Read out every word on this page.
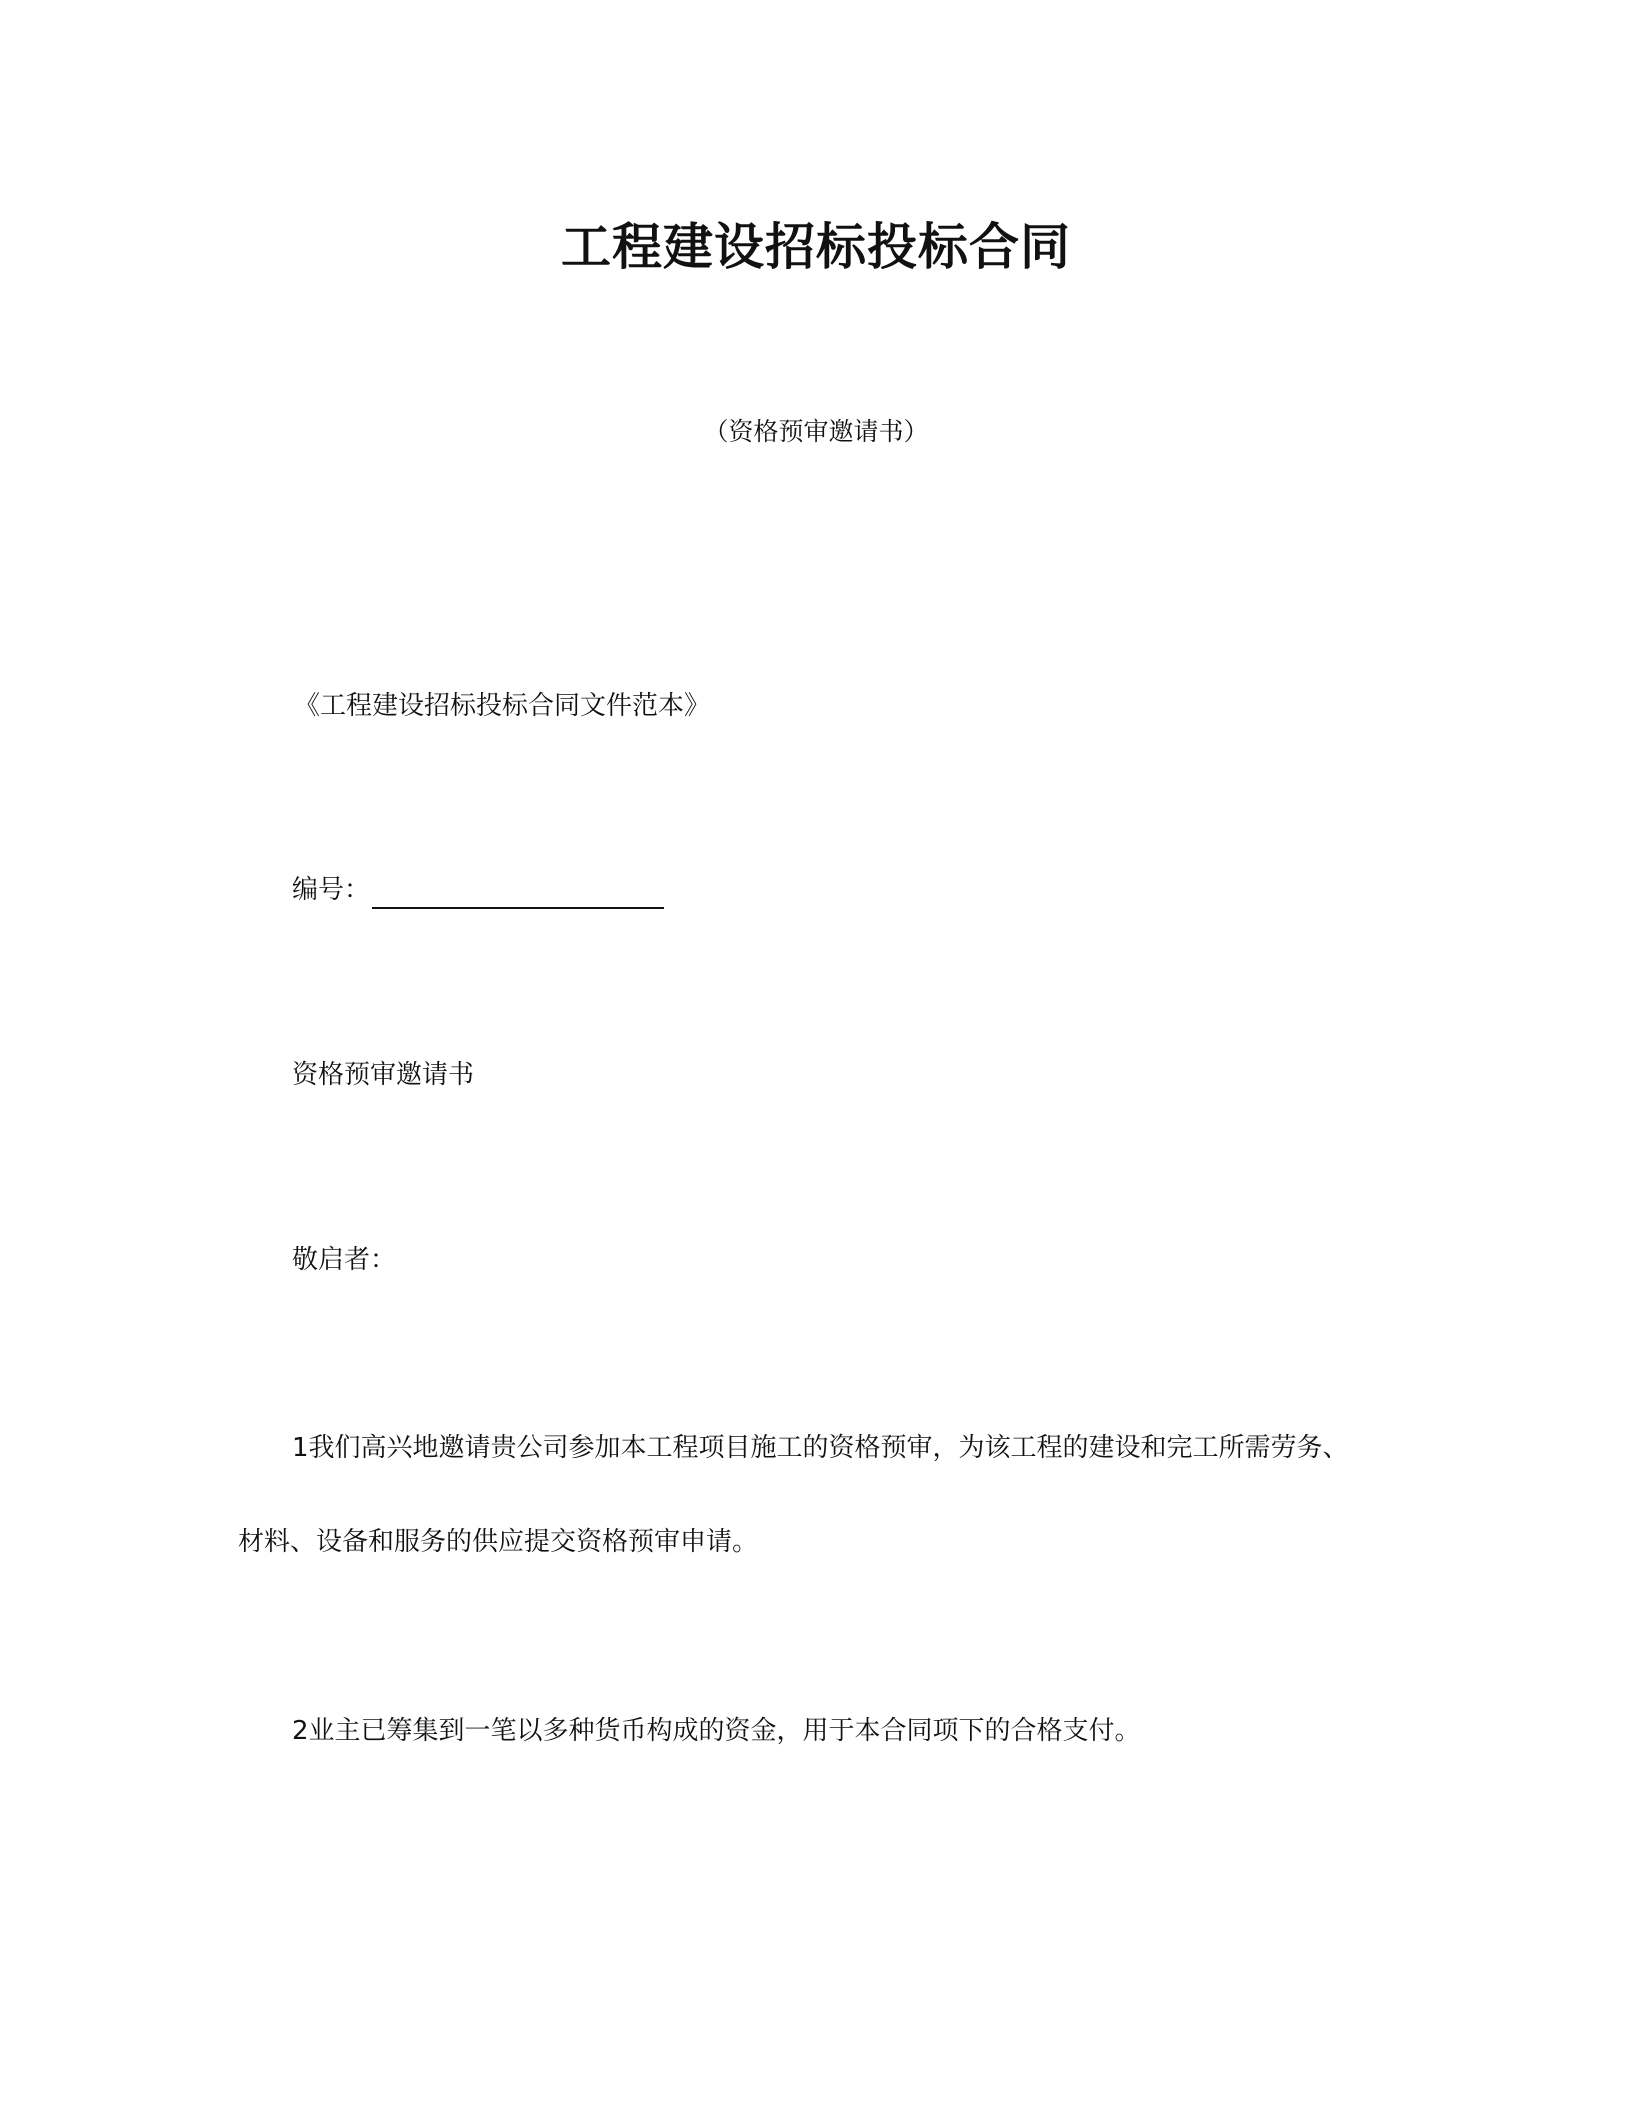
工程建设招标投标合同
（资格预审邀请书）
《工程建设招标投标合同文件范本》
编号：
资格预审邀请书
敬启者：
1我们高兴地邀请贵公司参加本工程项目施工的资格预审，为该工程的建设和完工所需劳务、
材料、设备和服务的供应提交资格预审申请。
2业主已筹集到一笔以多种货币构成的资金，用于本合同项下的合格支付。
